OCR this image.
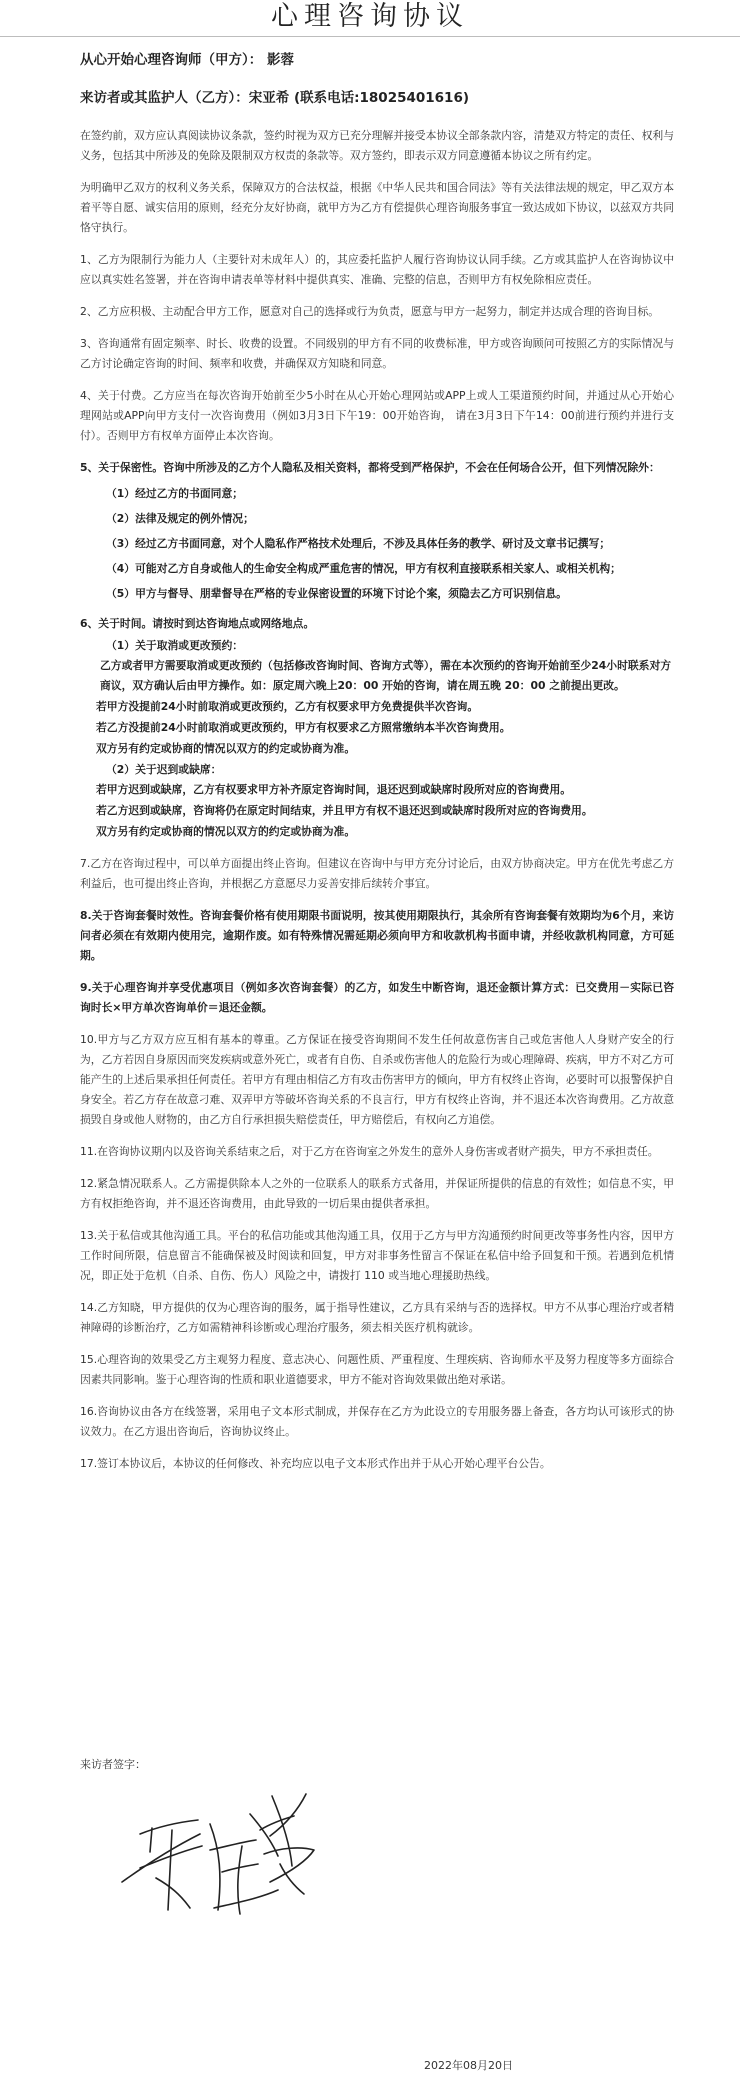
心理咨询协议
从心开始心理咨询师（甲方）： 影蓉
来访者或其监护人（乙方）：宋亚希 (联系电话:18025401616)

在签约前，双方应认真阅读协议条款，签约时视为双方已充分理解并接受本协议全部条款内容，清楚双方特定的责任、权利与义务，包括其中所涉及的免除及限制双方权责的条款等。双方签约，即表示双方同意遵循本协议之所有约定。

为明确甲乙双方的权利义务关系，保障双方的合法权益，根据《中华人民共和国合同法》等有关法律法规的规定，甲乙双方本着平等自愿、诚实信用的原则，经充分友好协商，就甲方为乙方有偿提供心理咨询服务事宜一致达成如下协议，以兹双方共同恪守执行。

1、乙方为限制行为能力人（主要针对未成年人）的，其应委托监护人履行咨询协议认同手续。乙方或其监护人在咨询协议中应以真实姓名签署，并在咨询申请表单等材料中提供真实、准确、完整的信息，否则甲方有权免除相应责任。

2、乙方应积极、主动配合甲方工作，愿意对自己的选择或行为负责，愿意与甲方一起努力，制定并达成合理的咨询目标。

3、咨询通常有固定频率、时长、收费的设置。不同级别的甲方有不同的收费标准，甲方或咨询顾问可按照乙方的实际情况与乙方讨论确定咨询的时间、频率和收费，并确保双方知晓和同意。

4、关于付费。乙方应当在每次咨询开始前至少5小时在从心开始心理网站或APP上或人工渠道预约时间，并通过从心开始心理网站或APP向甲方支付一次咨询费用（例如3月3日下午19：00开始咨询， 请在3月3日下午14：00前进行预约并进行支付）。否则甲方有权单方面停止本次咨询。

5、关于保密性。咨询中所涉及的乙方个人隐私及相关资料，都将受到严格保护，不会在任何场合公开，但下列情况除外：

（1）经过乙方的书面同意；
（2）法律及规定的例外情况；
（3）经过乙方书面同意，对个人隐私作严格技术处理后，不涉及具体任务的教学、研讨及文章书记撰写；
（4）可能对乙方自身或他人的生命安全构成严重危害的情况，甲方有权利直接联系相关家人、或相关机构；
（5）甲方与督导、朋辈督导在严格的专业保密设置的环境下讨论个案，须隐去乙方可识别信息。

6、关于时间。请按时到达咨询地点或网络地点。

（1）关于取消或更改预约：

乙方或者甲方需要取消或更改预约（包括修改咨询时间、咨询方式等），需在本次预约的咨询开始前至少24小时联系对方商议，双方确认后由甲方操作。如：原定周六晚上20：00 开始的咨询，请在周五晚 20：00 之前提出更改。

若甲方没提前24小时前取消或更改预约，乙方有权要求甲方免费提供半次咨询。

若乙方没提前24小时前取消或更改预约，甲方有权要求乙方照常缴纳本半次咨询费用。

双方另有约定或协商的情况以双方的约定或协商为准。

（2）关于迟到或缺席：

若甲方迟到或缺席，乙方有权要求甲方补齐原定咨询时间，退还迟到或缺席时段所对应的咨询费用。

若乙方迟到或缺席，咨询将仍在原定时间结束，并且甲方有权不退还迟到或缺席时段所对应的咨询费用。

双方另有约定或协商的情况以双方的约定或协商为准。

7.乙方在咨询过程中，可以单方面提出终止咨询。但建议在咨询中与甲方充分讨论后，由双方协商决定。甲方在优先考虑乙方利益后，也可提出终止咨询，并根据乙方意愿尽力妥善安排后续转介事宜。

8.关于咨询套餐时效性。咨询套餐价格有使用期限书面说明，按其使用期限执行，其余所有咨询套餐有效期均为6个月，来访问者必须在有效期内使用完，逾期作废。如有特殊情况需延期必须向甲方和收款机构书面申请，并经收款机构同意，方可延期。

9.关于心理咨询并享受优惠项目（例如多次咨询套餐）的乙方，如发生中断咨询，退还金额计算方式：已交费用－实际已咨询时长×甲方单次咨询单价＝退还金额。

10.甲方与乙方双方应互相有基本的尊重。乙方保证在接受咨询期间不发生任何故意伤害自己或危害他人人身财产安全的行为，乙方若因自身原因而突发疾病或意外死亡，或者有自伤、自杀或伤害他人的危险行为或心理障碍、疾病，甲方不对乙方可能产生的上述后果承担任何责任。若甲方有理由相信乙方有攻击伤害甲方的倾向，甲方有权终止咨询，必要时可以报警保护自身安全。若乙方存在故意刁难、双弄甲方等破坏咨询关系的不良言行，甲方有权终止咨询，并不退还本次咨询费用。乙方故意损毁自身或他人财物的，由乙方自行承担损失赔偿责任，甲方赔偿后，有权向乙方追偿。

11.在咨询协议期内以及咨询关系结束之后，对于乙方在咨询室之外发生的意外人身伤害或者财产损失，甲方不承担责任。

12.紧急情况联系人。乙方需提供除本人之外的一位联系人的联系方式备用，并保证所提供的信息的有效性；如信息不实，甲方有权拒绝咨询，并不退还咨询费用，由此导致的一切后果由提供者承担。

13.关于私信或其他沟通工具。平台的私信功能或其他沟通工具，仅用于乙方与甲方沟通预约时间更改等事务性内容，因甲方工作时间所限，信息留言不能确保被及时阅读和回复，甲方对非事务性留言不保证在私信中给予回复和干预。若遇到危机情况，即正处于危机（自杀、自伤、伤人）风险之中，请拨打 110 或当地心理援助热线。

14.乙方知晓，甲方提供的仅为心理咨询的服务，属于指导性建议，乙方具有采纳与否的选择权。甲方不从事心理治疗或者精神障碍的诊断治疗，乙方如需精神科诊断或心理治疗服务，须去相关医疗机构就诊。

15.心理咨询的效果受乙方主观努力程度、意志决心、问题性质、严重程度、生理疾病、咨询师水平及努力程度等多方面综合因素共同影响。鉴于心理咨询的性质和职业道德要求，甲方不能对咨询效果做出绝对承诺。

16.咨询协议由各方在线签署，采用电子文本形式制成，并保存在乙方为此设立的专用服务器上备查，各方均认可该形式的协议效力。在乙方退出咨询后，咨询协议终止。

17.签订本协议后，本协议的任何修改、补充均应以电子文本形式作出并于从心开始心理平台公告。

来访者签字：
宋亚希
2022年08月20日
